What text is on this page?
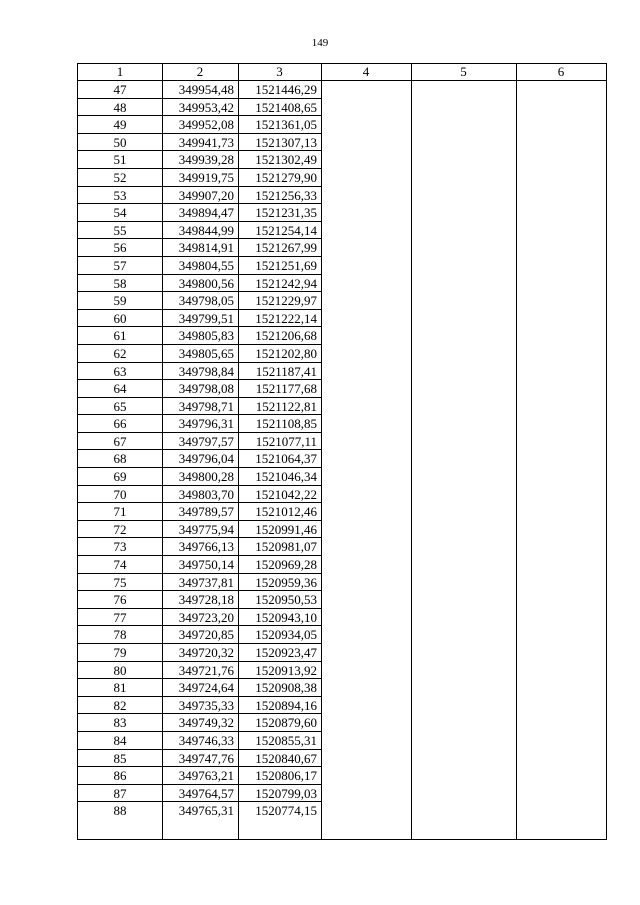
149
1	2	3	4	5	6
47	349954,48	1521446,29
48	349953,42	1521408,65
49	349952,08	1521361,05
50	349941,73	1521307,13
51	349939,28	1521302,49
52	349919,75	1521279,90
53	349907,20	1521256,33
54	349894,47	1521231,35
55	349844,99	1521254,14
56	349814,91	1521267,99
57	349804,55	1521251,69
58	349800,56	1521242,94
59	349798,05	1521229,97
60	349799,51	1521222,14
61	349805,83	1521206,68
62	349805,65	1521202,80
63	349798,84	1521187,41
64	349798,08	1521177,68
65	349798,71	1521122,81
66	349796,31	1521108,85
67	349797,57	1521077,11
68	349796,04	1521064,37
69	349800,28	1521046,34
70	349803,70	1521042,22
71	349789,57	1521012,46
72	349775,94	1520991,46
73	349766,13	1520981,07
74	349750,14	1520969,28
75	349737,81	1520959,36
76	349728,18	1520950,53
77	349723,20	1520943,10
78	349720,85	1520934,05
79	349720,32	1520923,47
80	349721,76	1520913,92
81	349724,64	1520908,38
82	349735,33	1520894,16
83	349749,32	1520879,60
84	349746,33	1520855,31
85	349747,76	1520840,67
86	349763,21	1520806,17
87	349764,57	1520799,03
88	349765,31	1520774,15
